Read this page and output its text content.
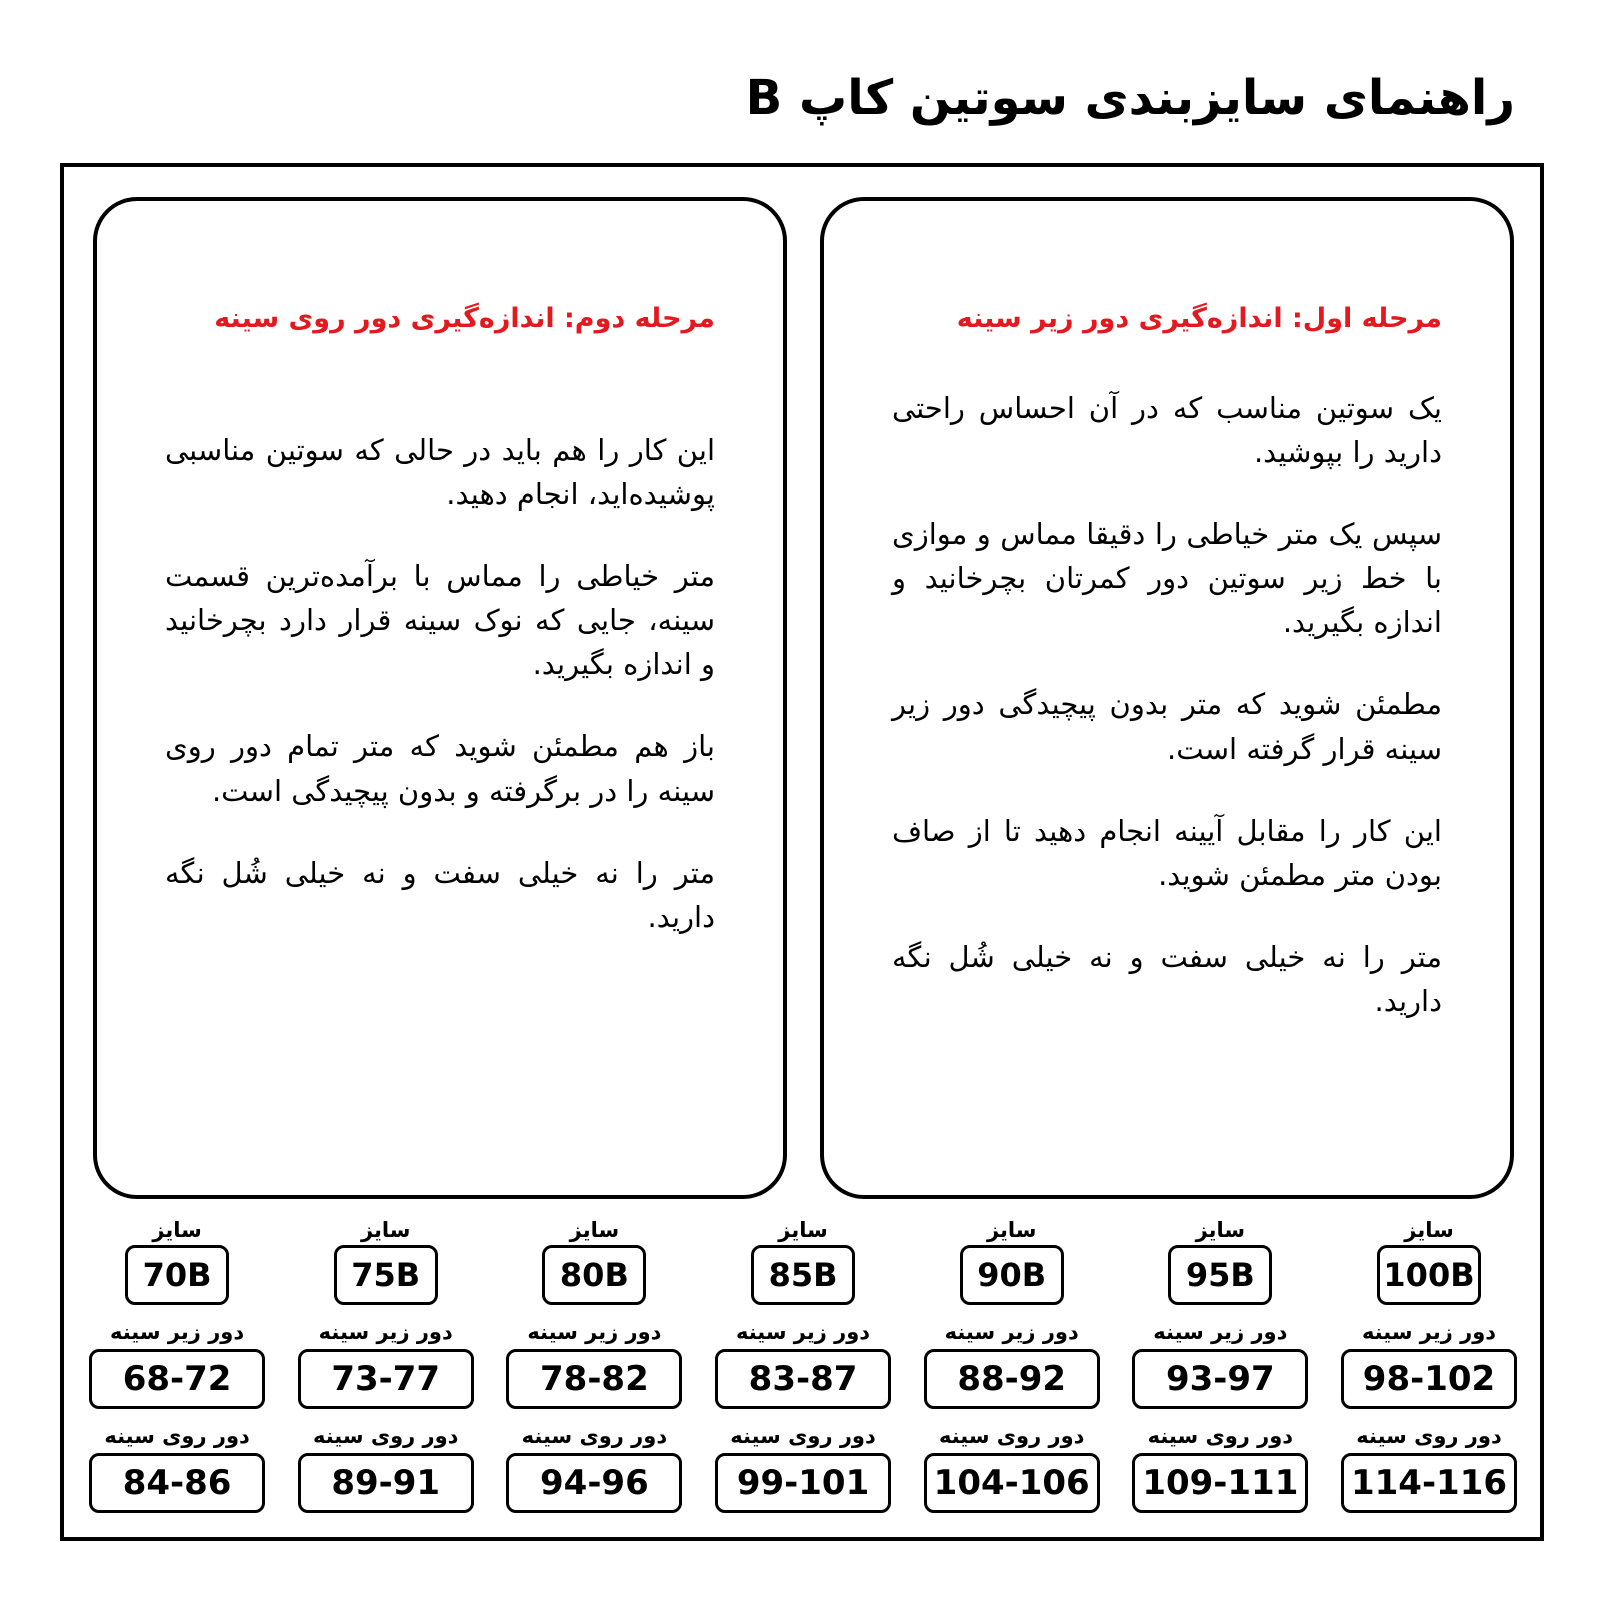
راهنمای سایزبندی سوتین کاپ B
مرحله اول: اندازه‌گیری دور زیر سینه

یک سوتین مناسب که در آن احساس راحتی دارید را بپوشید.

سپس یک متر خیاطی را دقیقا مماس و موازی با خط زیر سوتین دور کمرتان بچرخانید و اندازه بگیرید.

مطمئن شوید که متر بدون پیچیدگی دور زیر سینه قرار گرفته است.

این کار را مقابل آیینه انجام دهید تا از صاف بودن متر مطمئن شوید.

متر را نه خیلی سفت و نه خیلی شُل نگه دارید.

مرحله دوم: اندازه‌گیری دور روی سینه

این کار را هم باید در حالی که سوتین مناسبی پوشیده‌اید، انجام دهید.

متر خیاطی را مماس با برآمده‌ترین قسمت سینه، جایی که نوک سینه قرار دارد بچرخانید و اندازه بگیرید.

باز هم مطمئن شوید که متر تمام دور روی سینه را در برگرفته و بدون پیچیدگی است.

متر را نه خیلی سفت و نه خیلی شُل نگه دارید.

سایز
100B
دور زیر سینه
98-102
دور روی سینه
114-116
سایز
95B
دور زیر سینه
93-97
دور روی سینه
109-111
سایز
90B
دور زیر سینه
88-92
دور روی سینه
104-106
سایز
85B
دور زیر سینه
83-87
دور روی سینه
99-101
سایز
80B
دور زیر سینه
78-82
دور روی سینه
94-96
سایز
75B
دور زیر سینه
73-77
دور روی سینه
89-91
سایز
70B
دور زیر سینه
68-72
دور روی سینه
84-86
